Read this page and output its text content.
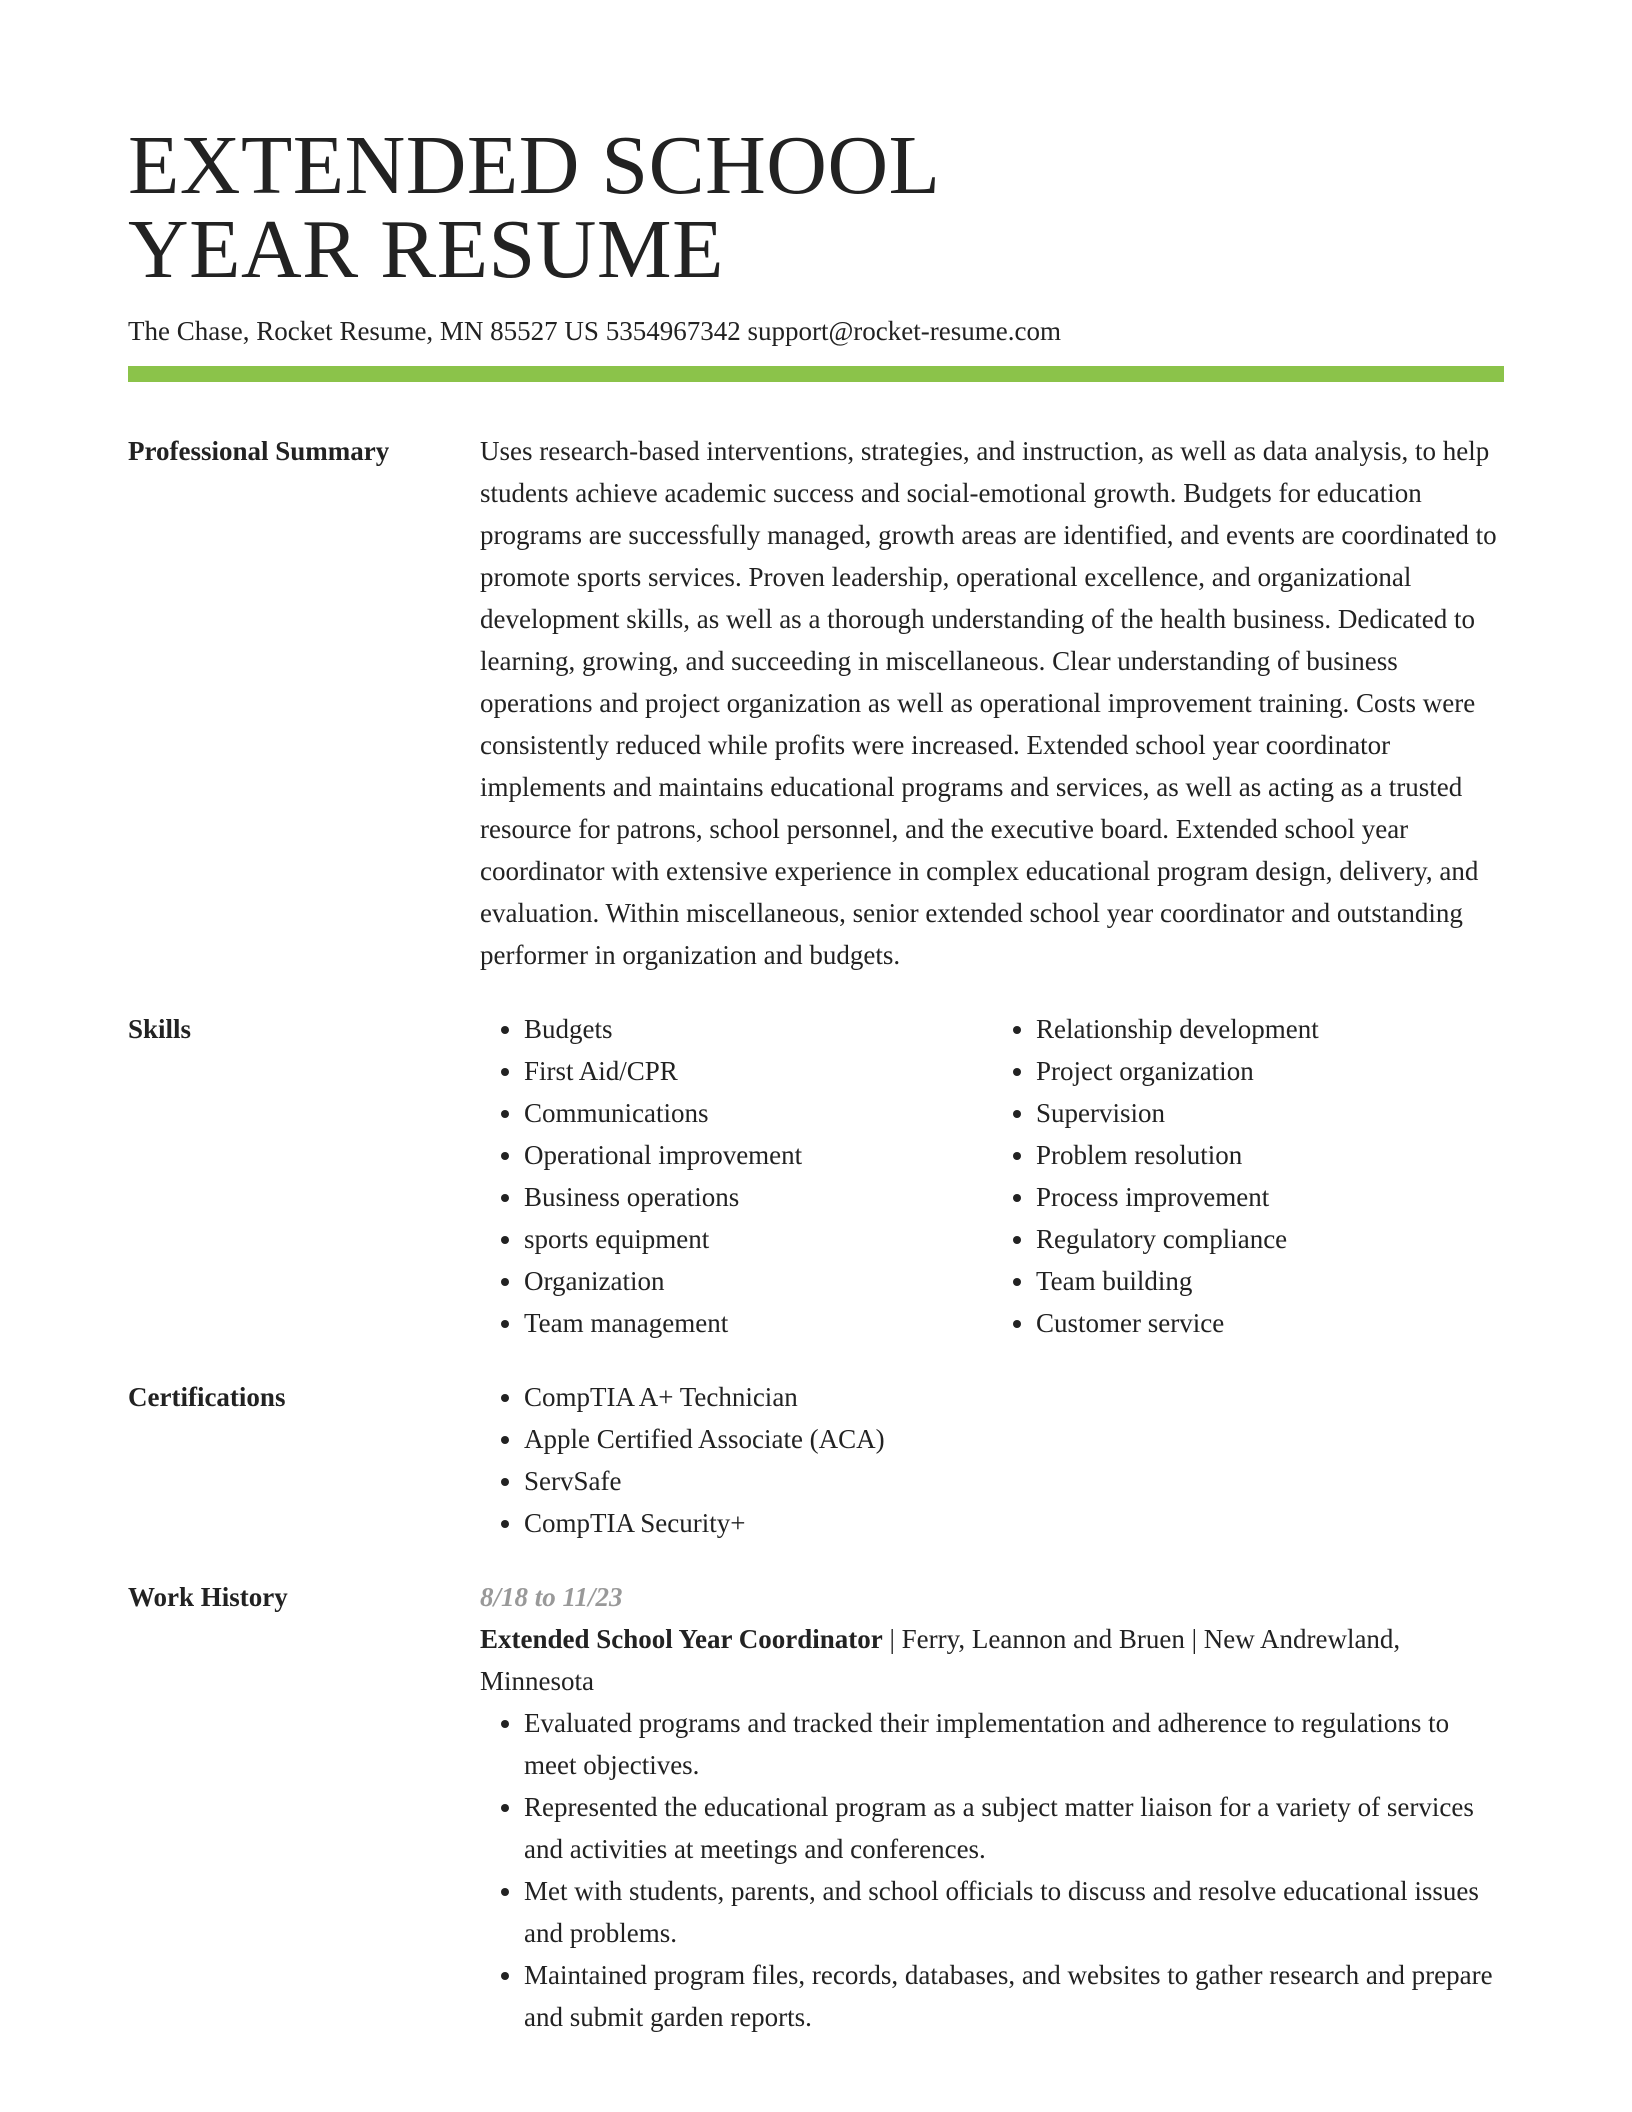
EXTENDED SCHOOL
YEAR RESUME
The Chase, Rocket Resume, MN 85527 US 5354967342 support@rocket-resume.com
Professional Summary	Uses research-based interventions, strategies, and instruction, as well as data analysis, to help students achieve academic success and social-emotional growth. Budgets for education programs are successfully managed, growth areas are identified, and events are coordinated to promote sports services. Proven leadership, operational excellence, and organizational development skills, as well as a thorough understanding of the health business. Dedicated to learning, growing, and succeeding in miscellaneous. Clear understanding of business operations and project organization as well as operational improvement training. Costs were consistently reduced while profits were increased. Extended school year coordinator implements and maintains educational programs and services, as well as acting as a trusted resource for patrons, school personnel, and the executive board. Extended school year coordinator with extensive experience in complex educational program design, delivery, and evaluation. Within miscellaneous, senior extended school year coordinator and outstanding performer in organization and budgets.
Skills	• Budgets
• First Aid/CPR
• Communications
• Operational improvement
• Business operations
• sports equipment
• Organization
• Team management
• Relationship development
• Project organization
• Supervision
• Problem resolution
• Process improvement
• Regulatory compliance
• Team building
• Customer service
Certifications	• CompTIA A+ Technician
• Apple Certified Associate (ACA)
• ServSafe
• CompTIA Security+
Work History	8/18 to 11/23
Extended School Year Coordinator | Ferry, Leannon and Bruen | New Andrewland, Minnesota
• Evaluated programs and tracked their implementation and adherence to regulations to meet objectives.
• Represented the educational program as a subject matter liaison for a variety of services and activities at meetings and conferences.
• Met with students, parents, and school officials to discuss and resolve educational issues and problems.
• Maintained program files, records, databases, and websites to gather research and prepare and submit garden reports.
